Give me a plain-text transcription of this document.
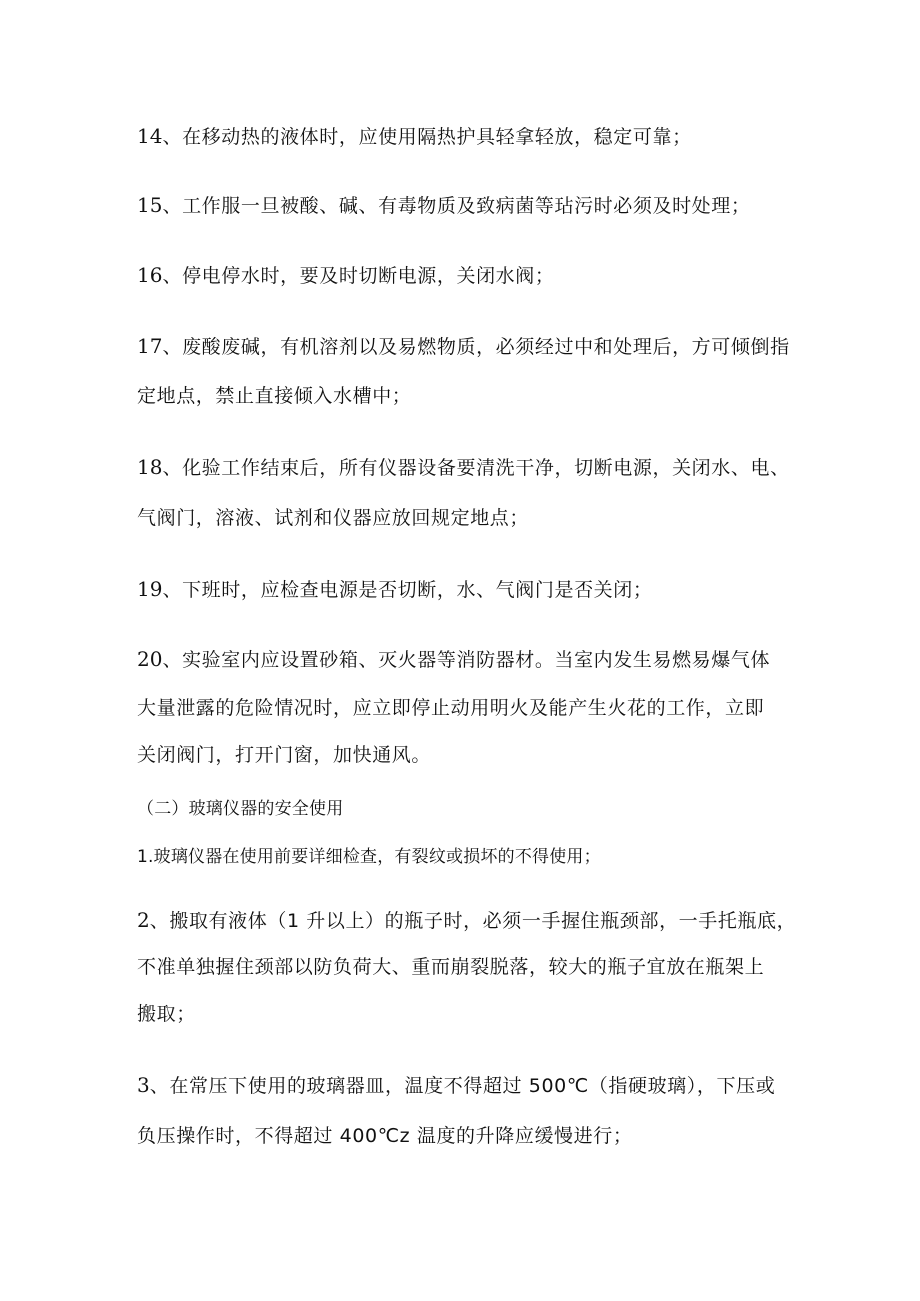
14、在移动热的液体时，应使用隔热护具轻拿轻放，稳定可靠；
15、工作服一旦被酸、碱、有毒物质及致病菌等玷污时必须及时处理；
16、停电停水时，要及时切断电源，关闭水阀；
17、废酸废碱，有机溶剂以及易燃物质，必须经过中和处理后，方可倾倒指
定地点，禁止直接倾入水槽中；
18、化验工作结束后，所有仪器设备要清洗干净，切断电源，关闭水、电、
气阀门，溶液、试剂和仪器应放回规定地点；
19、下班时，应检查电源是否切断，水、气阀门是否关闭；
20、实验室内应设置砂箱、灭火器等消防器材。当室内发生易燃易爆气体
大量泄露的危险情况时，应立即停止动用明火及能产生火花的工作，立即
关闭阀门，打开门窗，加快通风。
（二）玻璃仪器的安全使用
1.玻璃仪器在使用前要详细检查，有裂纹或损坏的不得使用；
2、搬取有液体（1 升以上）的瓶子时，必须一手握住瓶颈部，一手托瓶底，
不准单独握住颈部以防负荷大、重而崩裂脱落，较大的瓶子宜放在瓶架上
搬取；
3、在常压下使用的玻璃器皿，温度不得超过 500℃（指硬玻璃），下压或
负压操作时，不得超过 400℃z 温度的升降应缓慢进行；
